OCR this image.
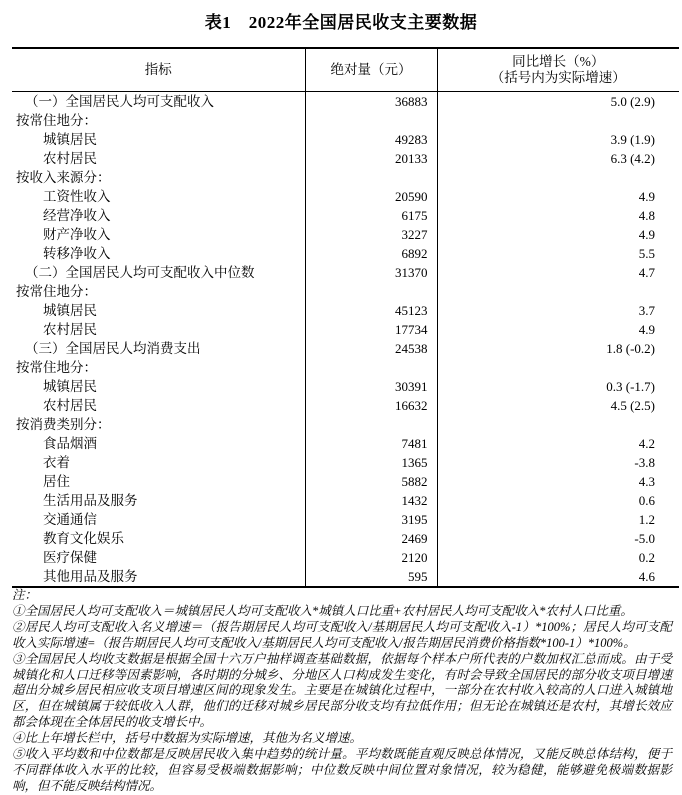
表1　2022年全国居民收支主要数据
指标	绝对量（元）	同比增长（%）
（括号内为实际增速）

（一）全国居民人均可支配收入	36883	5.0 (2.9)
按常住地分：		
城镇居民	49283	3.9 (1.9)
农村居民	20133	6.3 (4.2)
按收入来源分：		
工资性收入	20590	4.9
经营净收入	6175	4.8
财产净收入	3227	4.9
转移净收入	6892	5.5
（二）全国居民人均可支配收入中位数	31370	4.7
按常住地分：		
城镇居民	45123	3.7
农村居民	17734	4.9
（三）全国居民人均消费支出	24538	1.8 (-0.2)
按常住地分：		
城镇居民	30391	0.3 (-1.7)
农村居民	16632	4.5 (2.5)
按消费类别分：		
食品烟酒	7481	4.2
衣着	1365	-3.8
居住	5882	4.3
生活用品及服务	1432	0.6
交通通信	3195	1.2
教育文化娱乐	2469	-5.0
医疗保健	2120	0.2
其他用品及服务	595	4.6

注：

①全国居民人均可支配收入＝城镇居民人均可支配收入*城镇人口比重+农村居民人均可支配收入*农村人口比重。

②居民人均可支配收入名义增速＝（报告期居民人均可支配收入/基期居民人均可支配收入-1）*100%；居民人均可支配收入实际增速=（报告期居民人均可支配收入/基期居民人均可支配收入/报告期居民消费价格指数*100-1）*100%。

③全国居民人均收支数据是根据全国十六万户抽样调查基础数据，依据每个样本户所代表的户数加权汇总而成。由于受城镇化和人口迁移等因素影响，各时期的分城乡、分地区人口构成发生变化，有时会导致全国居民的部分收支项目增速超出分城乡居民相应收支项目增速区间的现象发生。主要是在城镇化过程中，一部分在农村收入较高的人口进入城镇地区，但在城镇属于较低收入人群，他们的迁移对城乡居民部分收支均有拉低作用；但无论在城镇还是农村，其增长效应都会体现在全体居民的收支增长中。

④比上年增长栏中，括号中数据为实际增速，其他为名义增速。

⑤收入平均数和中位数都是反映居民收入集中趋势的统计量。平均数既能直观反映总体情况，又能反映总体结构，便于不同群体收入水平的比较，但容易受极端数据影响；中位数反映中间位置对象情况，较为稳健，能够避免极端数据影响，但不能反映结构情况。
